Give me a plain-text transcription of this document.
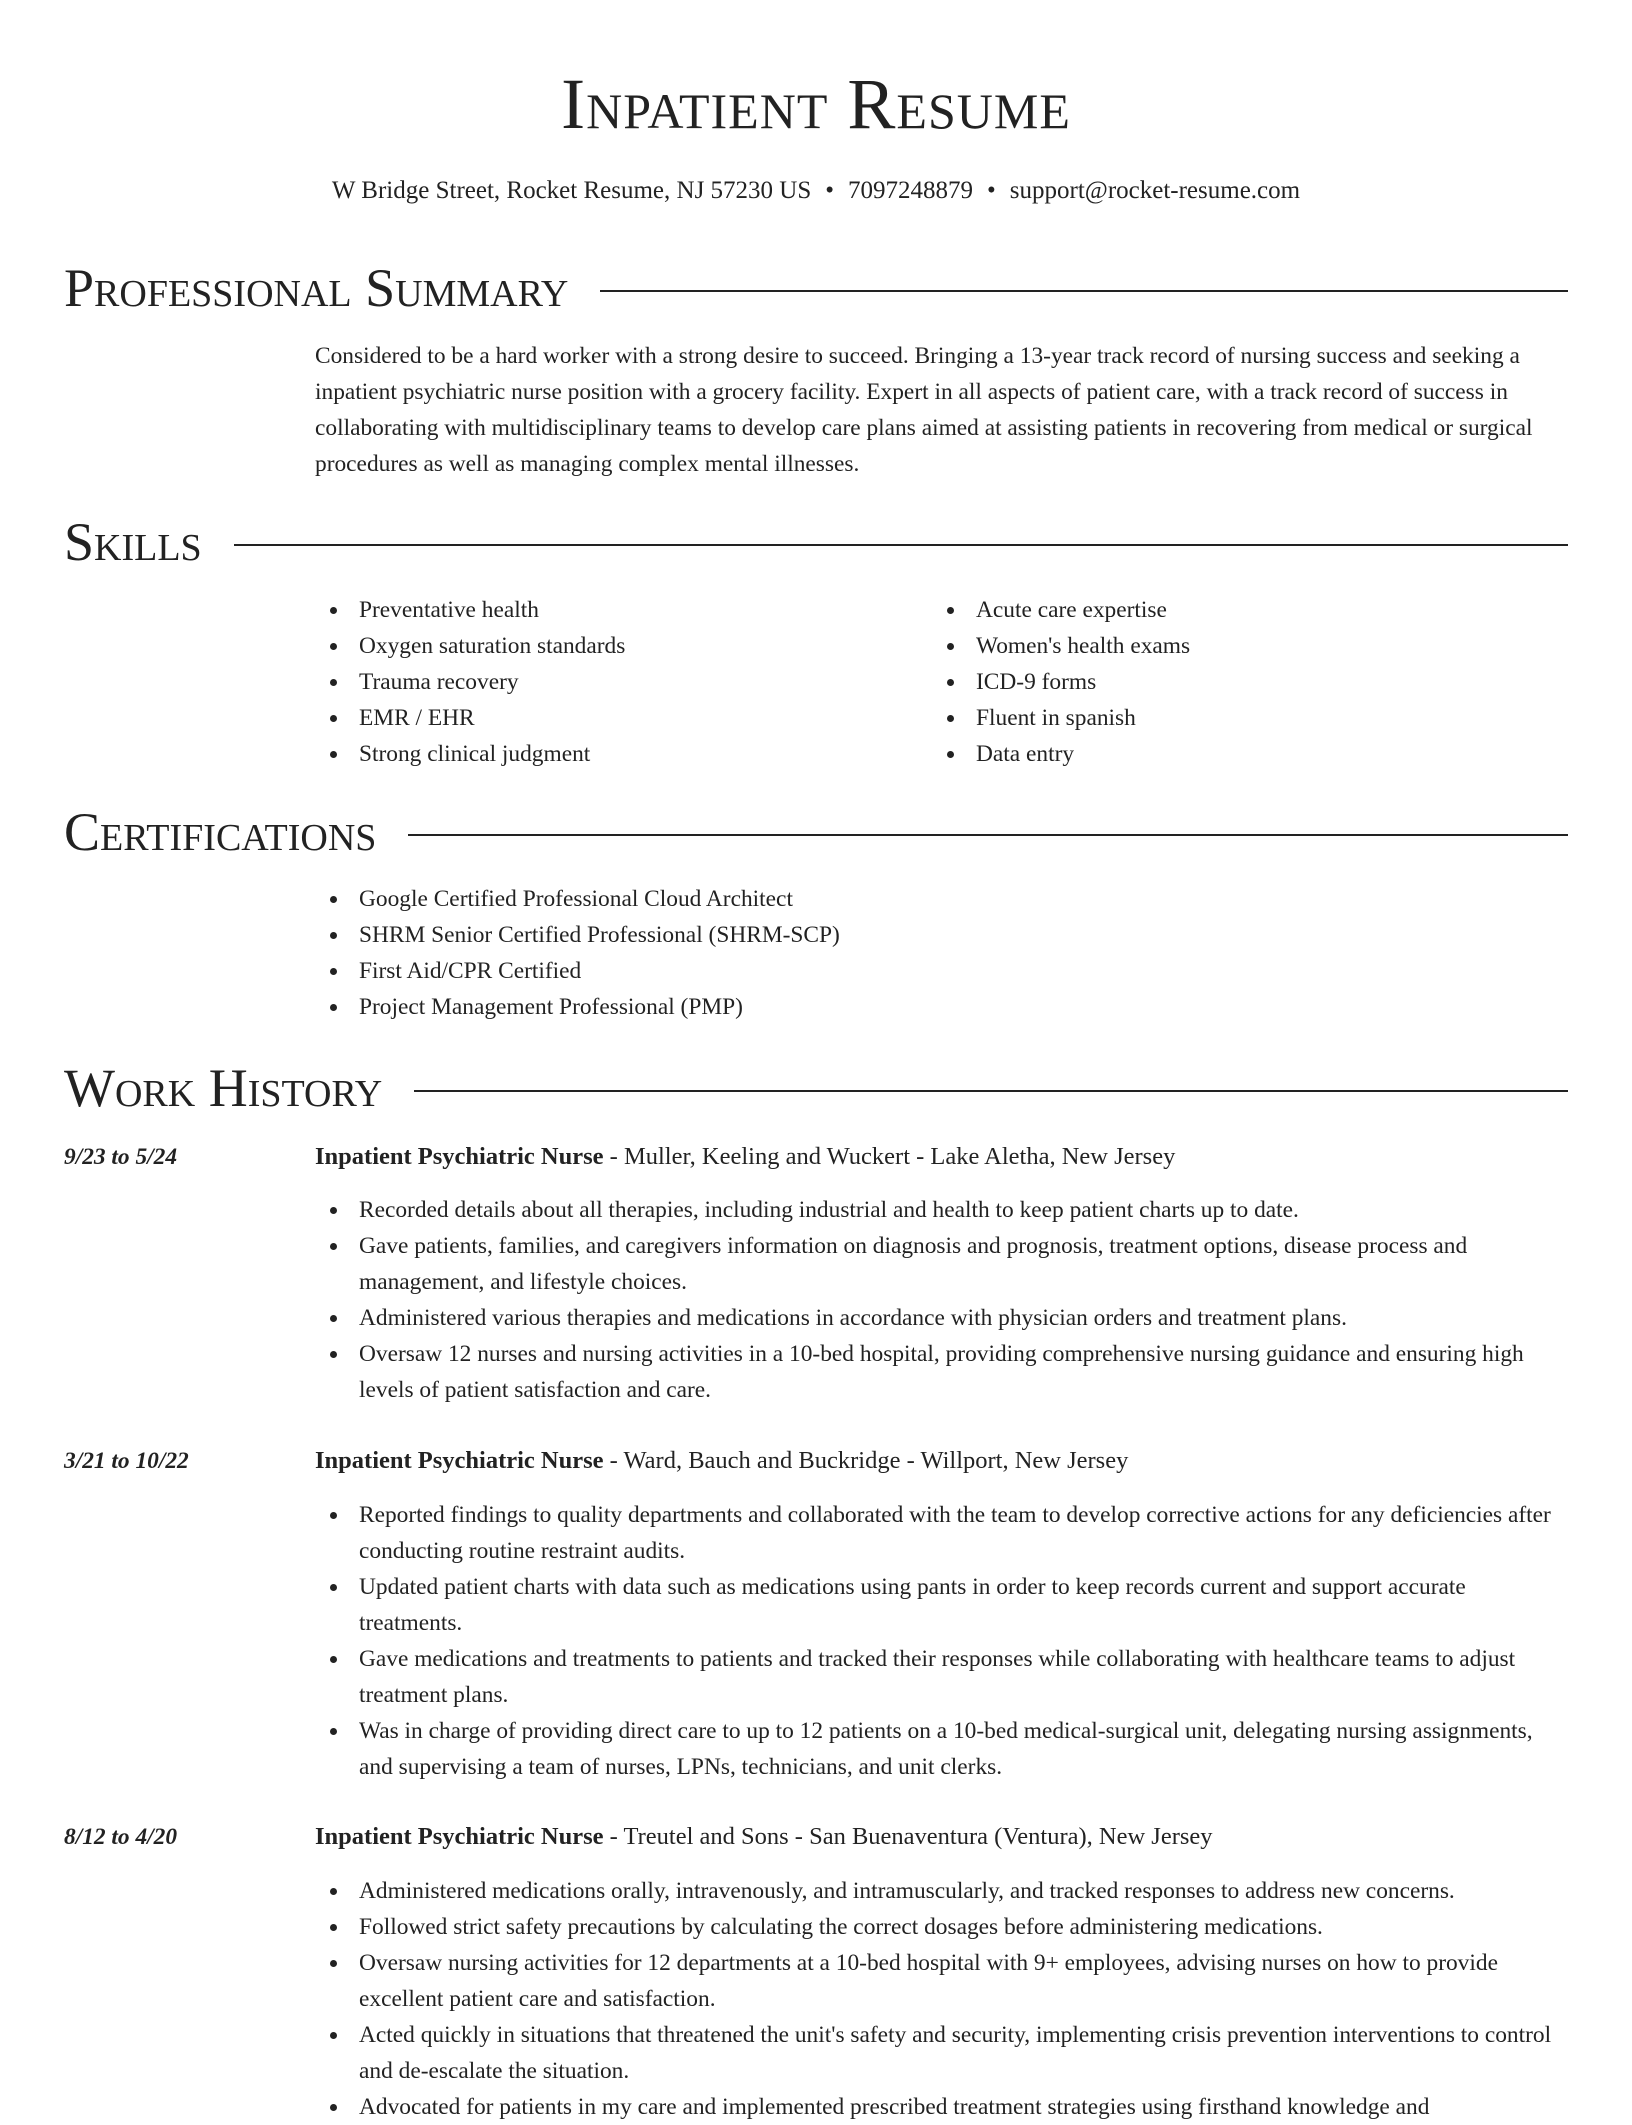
Inpatient Resume
W Bridge Street, Rocket Resume, NJ 57230 US • 7097248879 • support@rocket-resume.com
Professional Summary
Considered to be a hard worker with a strong desire to succeed. Bringing a 13-year track record of nursing success and seeking a inpatient psychiatric nurse position with a grocery facility. Expert in all aspects of patient care, with a track record of success in collaborating with multidisciplinary teams to develop care plans aimed at assisting patients in recovering from medical or surgical procedures as well as managing complex mental illnesses.
Skills
Preventative health
Oxygen saturation standards
Trauma recovery
EMR / EHR
Strong clinical judgment
Acute care expertise
Women's health exams
ICD-9 forms
Fluent in spanish
Data entry
Certifications
Google Certified Professional Cloud Architect
SHRM Senior Certified Professional (SHRM-SCP)
First Aid/CPR Certified
Project Management Professional (PMP)
Work History
9/23 to 5/24	Inpatient Psychiatric Nurse - Muller, Keeling and Wuckert - Lake Aletha, New Jersey
Recorded details about all therapies, including industrial and health to keep patient charts up to date.
Gave patients, families, and caregivers information on diagnosis and prognosis, treatment options, disease process and management, and lifestyle choices.
Administered various therapies and medications in accordance with physician orders and treatment plans.
Oversaw 12 nurses and nursing activities in a 10-bed hospital, providing comprehensive nursing guidance and ensuring high levels of patient satisfaction and care.
3/21 to 10/22	Inpatient Psychiatric Nurse - Ward, Bauch and Buckridge - Willport, New Jersey
Reported findings to quality departments and collaborated with the team to develop corrective actions for any deficiencies after conducting routine restraint audits.
Updated patient charts with data such as medications using pants in order to keep records current and support accurate treatments.
Gave medications and treatments to patients and tracked their responses while collaborating with healthcare teams to adjust treatment plans.
Was in charge of providing direct care to up to 12 patients on a 10-bed medical-surgical unit, delegating nursing assignments, and supervising a team of nurses, LPNs, technicians, and unit clerks.
8/12 to 4/20	Inpatient Psychiatric Nurse - Treutel and Sons - San Buenaventura (Ventura), New Jersey
Administered medications orally, intravenously, and intramuscularly, and tracked responses to address new concerns.
Followed strict safety precautions by calculating the correct dosages before administering medications.
Oversaw nursing activities for 12 departments at a 10-bed hospital with 9+ employees, advising nurses on how to provide excellent patient care and satisfaction.
Acted quickly in situations that threatened the unit's safety and security, implementing crisis prevention interventions to control and de-escalate the situation.
Advocated for patients in my care and implemented prescribed treatment strategies using firsthand knowledge and
